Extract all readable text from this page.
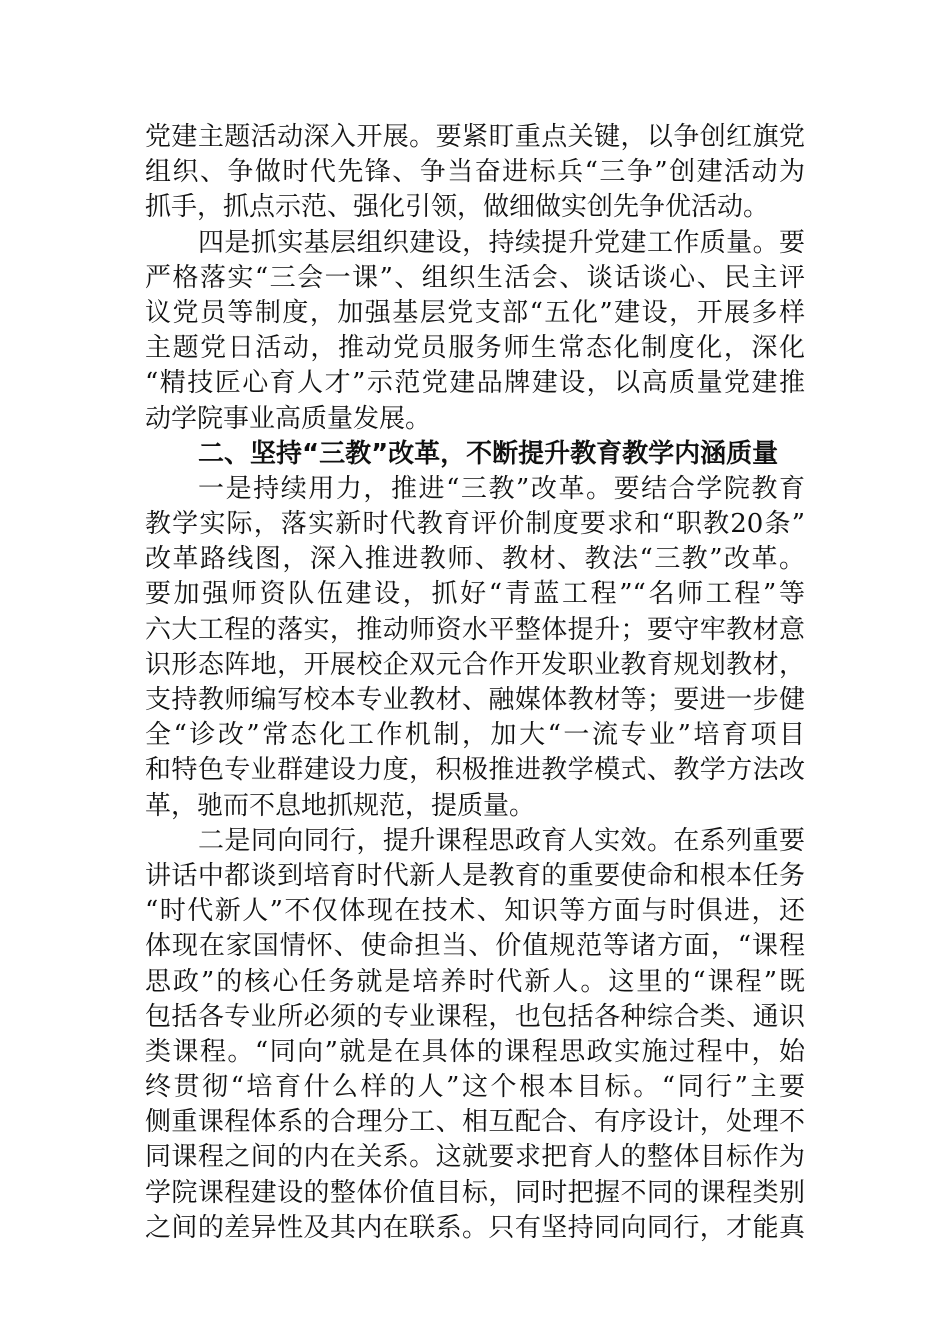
党建主题活动深入开展。要紧盯重点关键，以争创红旗党
组织、争做时代先锋、争当奋进标兵“三争”创建活动为
抓手，抓点示范、强化引领，做细做实创先争优活动。
四是抓实基层组织建设，持续提升党建工作质量。要
严格落实“三会一课”、组织生活会、谈话谈心、民主评
议党员等制度，加强基层党支部“五化”建设，开展多样
主题党日活动，推动党员服务师生常态化制度化，深化
“精技匠心育人才”示范党建品牌建设，以高质量党建推
动学院事业高质量发展。
二、坚持“三教”改革，不断提升教育教学内涵质量
一是持续用力，推进“三教”改革。要结合学院教育
教学实际，落实新时代教育评价制度要求和“职教20条”
改革路线图，深入推进教师、教材、教法“三教”改革。
要加强师资队伍建设，抓好“青蓝工程”“名师工程”等
六大工程的落实，推动师资水平整体提升；要守牢教材意
识形态阵地，开展校企双元合作开发职业教育规划教材，
支持教师编写校本专业教材、融媒体教材等；要进一步健
全“诊改”常态化工作机制，加大“一流专业”培育项目
和特色专业群建设力度，积极推进教学模式、教学方法改
革，驰而不息地抓规范，提质量。
二是同向同行，提升课程思政育人实效。在系列重要
讲话中都谈到培育时代新人是教育的重要使命和根本任务
“时代新人”不仅体现在技术、知识等方面与时俱进，还
体现在家国情怀、使命担当、价值规范等诸方面，“课程
思政”的核心任务就是培养时代新人。这里的“课程”既
包括各专业所必须的专业课程，也包括各种综合类、通识
类课程。“同向”就是在具体的课程思政实施过程中，始
终贯彻“培育什么样的人”这个根本目标。“同行”主要
侧重课程体系的合理分工、相互配合、有序设计，处理不
同课程之间的内在关系。这就要求把育人的整体目标作为
学院课程建设的整体价值目标，同时把握不同的课程类别
之间的差异性及其内在联系。只有坚持同向同行，才能真
